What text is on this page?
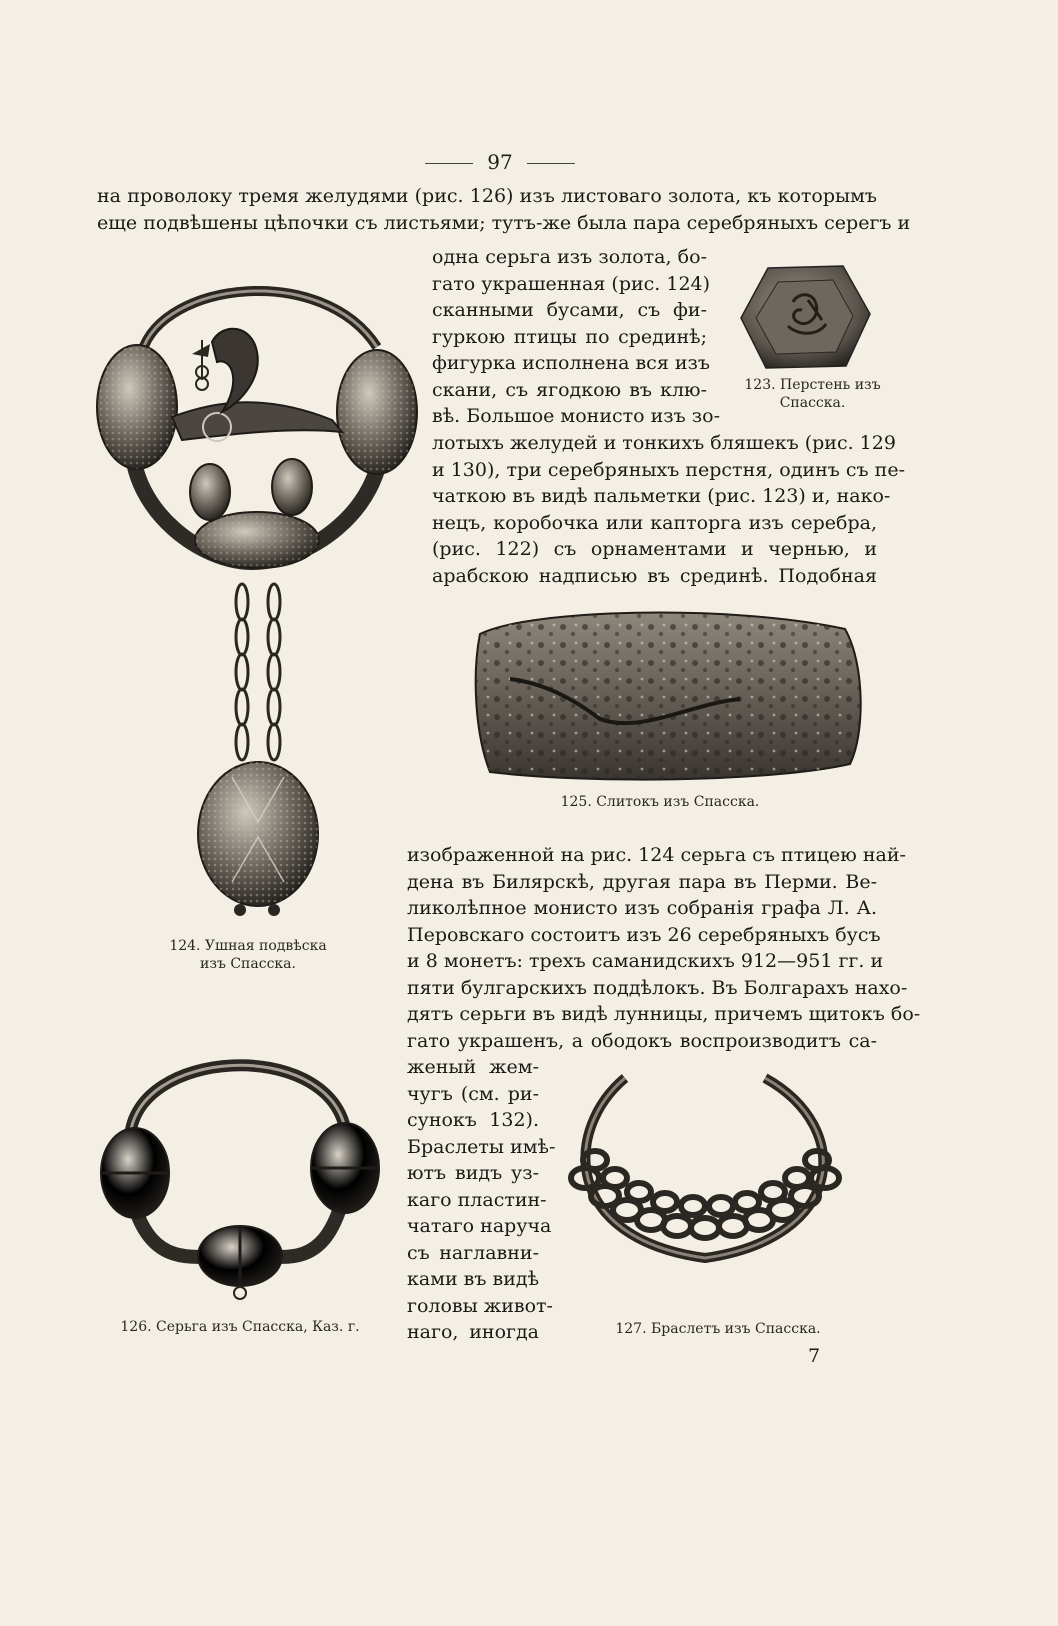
97
на проволоку тремя желудями (рис. 126) изъ листоваго золота, къ которымъ
еще подвѣшены цѣпочки съ листьями; тутъ-же была пара серебряныхъ серегъ и
одна серьга изъ золота, бо-
гато украшенная (рис. 124)
сканными бусами, съ фи-
гуркою птицы по срединѣ;
фигурка исполнена вся изъ
скани, съ ягодкою въ клю-
вѣ. Большое монисто изъ зо-
лотыхъ желудей и тонкихъ бляшекъ (рис. 129
и 130), три серебряныхъ перстня, одинъ съ пе-
чаткою въ видѣ пальметки (рис. 123) и, нако-
нецъ, коробочка или капторга изъ серебра,
(рис. 122) съ орнаментами и чернью, и
арабскою надписью въ срединѣ. Подобная
изображенной на рис. 124 серьга съ птицею най-
дена въ Билярскѣ, другая пара въ Перми. Ве-
ликолѣпное монисто изъ собранія графа Л. А.
Перовскаго состоитъ изъ 26 серебряныхъ бусъ
и 8 монетъ: трехъ саманидскихъ 912—951 гг. и
пяти булгарскихъ поддѣлокъ. Въ Болгарахъ нахо-
дятъ серьги въ видѣ лунницы, причемъ щитокъ бо-
гато украшенъ, а ободокъ воспроизводитъ са-
женый жем-
чугъ (см. ри-
сунокъ 132).
Браслеты имѣ-
ютъ видъ уз-
каго пластин-
чатаго наруча
съ наглавни-
ками въ видѣ
головы живот-
наго, иногда
123. Перстень изъ
Спасска.
124. Ушная подвѣска
изъ Спасска.
125. Слитокъ изъ Спасска.
126. Серьга изъ Спасска, Каз. г.	127. Браслетъ изъ Спасска.
7
